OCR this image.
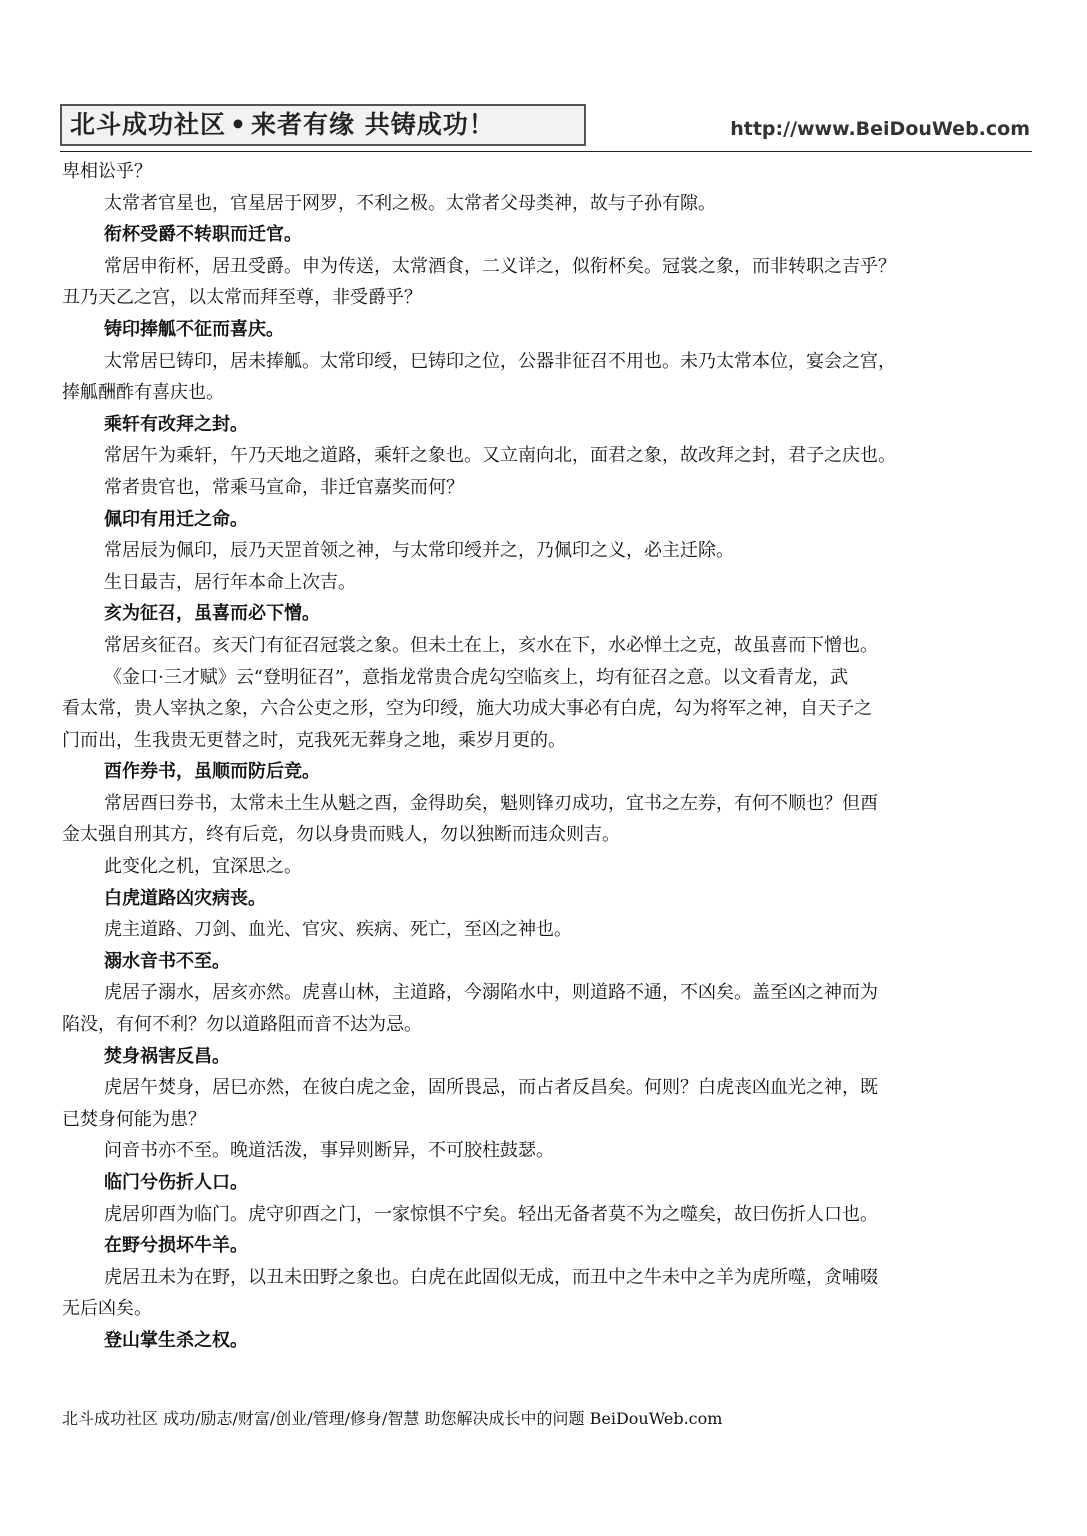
北斗成功社区 • 来者有缘 共铸成功！	http://www.BeiDouWeb.com
卑相讼乎？
太常者官星也，官星居于网罗，不利之极。太常者父母类神，故与子孙有隙。
衔杯受爵不转职而迁官。
常居申衔杯，居丑受爵。申为传送，太常酒食，二义详之，似衔杯矣。冠裳之象，而非转职之吉乎？
丑乃天乙之宫，以太常而拜至尊，非受爵乎？
铸印捧觚不征而喜庆。
太常居巳铸印，居未捧觚。太常印绶，巳铸印之位，公器非征召不用也。未乃太常本位，宴会之宫，
捧觚酬酢有喜庆也。
乘轩有改拜之封。
常居午为乘轩，午乃天地之道路，乘轩之象也。又立南向北，面君之象，故改拜之封，君子之庆也。
常者贵官也，常乘马宣命，非迁官嘉奖而何？
佩印有用迁之命。
常居辰为佩印，辰乃天罡首领之神，与太常印绶并之，乃佩印之义，必主迁除。
生日最吉，居行年本命上次吉。
亥为征召，虽喜而必下憎。
常居亥征召。亥天门有征召冠裳之象。但未土在上，亥水在下，水必惮土之克，故虽喜而下憎也。
《金口·三才赋》云“登明征召”，意指龙常贵合虎勾空临亥上，均有征召之意。以文看青龙，武
看太常，贵人宰执之象，六合公吏之形，空为印绶，施大功成大事必有白虎，勾为将军之神，自天子之
门而出，生我贵无更替之时，克我死无葬身之地，乘岁月更的。
酉作券书，虽顺而防后竞。
常居酉曰券书，太常未土生从魁之酉，金得助矣，魁则锋刃成功，宜书之左券，有何不顺也？但酉
金太强自刑其方，终有后竞，勿以身贵而贱人，勿以独断而违众则吉。
此变化之机，宜深思之。
白虎道路凶灾病丧。
虎主道路、刀剑、血光、官灾、疾病、死亡，至凶之神也。
溺水音书不至。
虎居子溺水，居亥亦然。虎喜山林，主道路，今溺陷水中，则道路不通，不凶矣。盖至凶之神而为
陷没，有何不利？勿以道路阻而音不达为忌。
焚身祸害反昌。
虎居午焚身，居巳亦然，在彼白虎之金，固所畏忌，而占者反昌矣。何则？白虎丧凶血光之神，既
已焚身何能为患？
问音书亦不至。晚道活泼，事异则断异，不可胶柱鼓瑟。
临门兮伤折人口。
虎居卯酉为临门。虎守卯酉之门，一家惊惧不宁矣。轻出无备者莫不为之噬矣，故曰伤折人口也。
在野兮损坏牛羊。
虎居丑未为在野，以丑未田野之象也。白虎在此固似无成，而丑中之牛未中之羊为虎所噬，贪哺啜
无后凶矣。
登山掌生杀之权。
北斗成功社区 成功/励志/财富/创业/管理/修身/智慧 助您解决成长中的问题 BeiDouWeb.com
